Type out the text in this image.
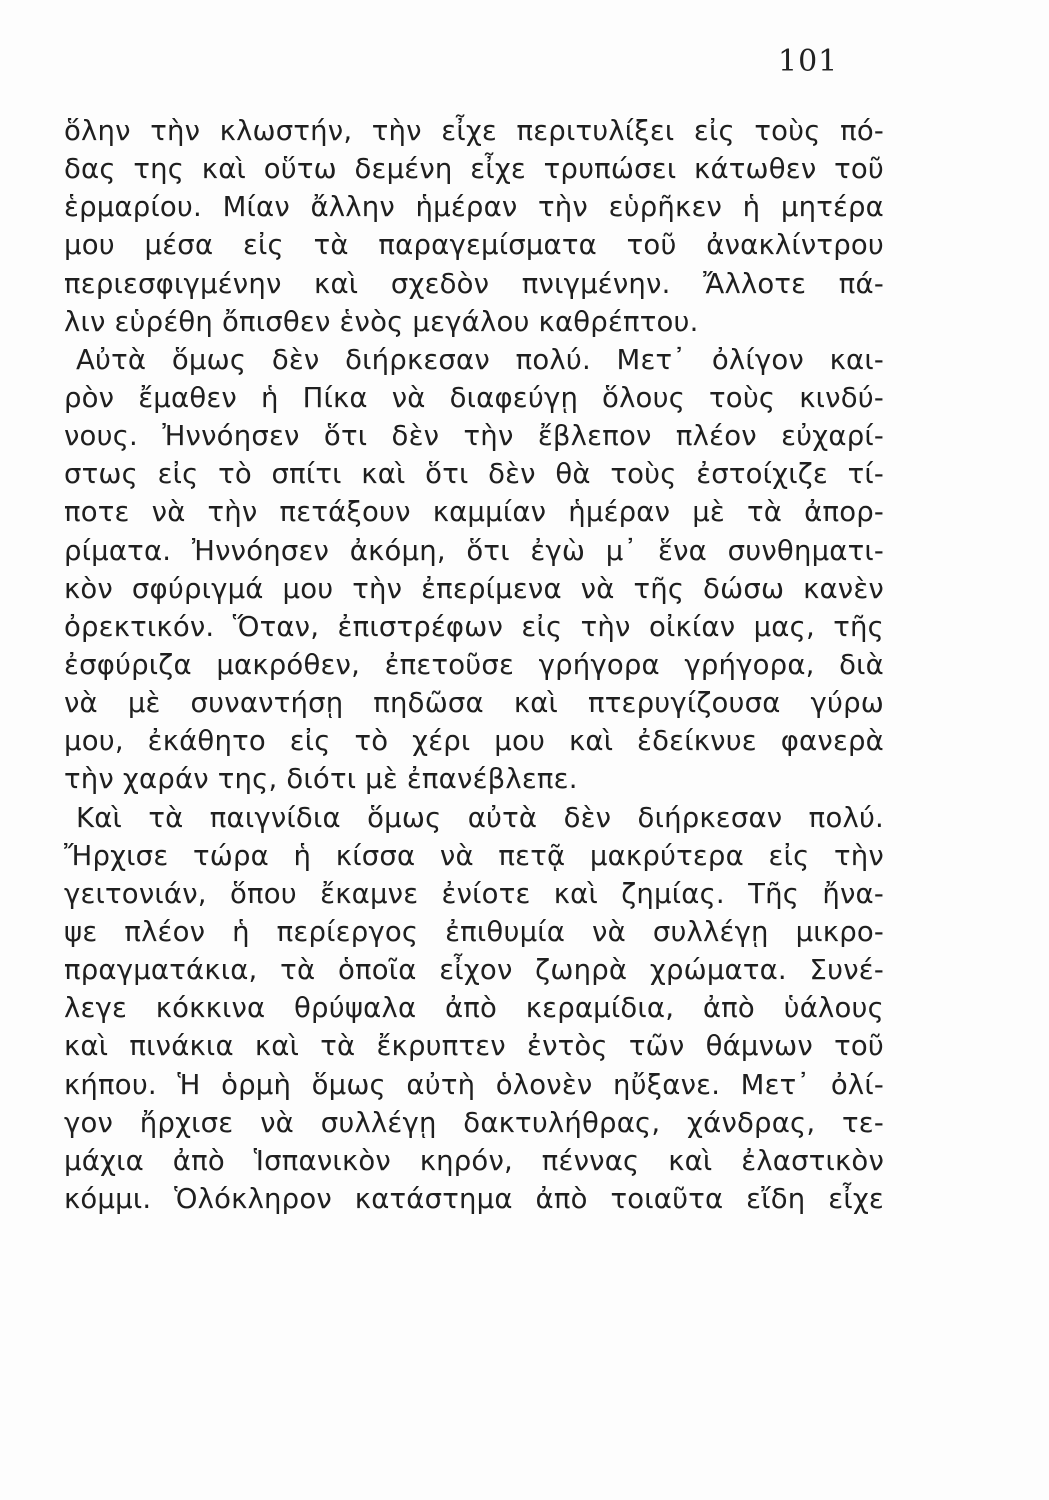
101
ὅλην τὴν κλωστήν, τὴν εἶχε περιτυλίξει εἰς τοὺς πό-
δας της καὶ οὕτω δεμένη εἶχε τρυπώσει κάτωθεν τοῦ
ἑρμαρίου. Μίαν ἄλλην ἡμέραν τὴν εὑρῆκεν ἡ μητέρα
μου μέσα εἰς τὰ παραγεμίσματα τοῦ ἀνακλίντρου
περιεσφιγμένην καὶ σχεδὸν πνιγμένην. Ἄλλοτε πά-
λιν εὑρέθη ὄπισθεν ἑνὸς μεγάλου καθρέπτου.
Αὐτὰ ὅμως δὲν διήρκεσαν πολύ. Μετ᾽ ὀλίγον και-
ρὸν ἔμαθεν ἡ Πίκα νὰ διαφεύγῃ ὅλους τοὺς κινδύ-
νους. Ἠννόησεν ὅτι δὲν τὴν ἔβλεπον πλέον εὐχαρί-
στως εἰς τὸ σπίτι καὶ ὅτι δὲν θὰ τοὺς ἐστοίχιζε τί-
ποτε νὰ τὴν πετάξουν καμμίαν ἡμέραν μὲ τὰ ἀπορ-
ρίματα. Ἠννόησεν ἀκόμη, ὅτι ἐγὼ μ᾽ ἕνα συνθηματι-
κὸν σφύριγμά μου τὴν ἐπερίμενα νὰ τῆς δώσω κανὲν
ὀρεκτικόν. Ὅταν, ἐπιστρέφων εἰς τὴν οἰκίαν μας, τῆς
ἐσφύριζα μακρόθεν, ἐπετοῦσε γρήγορα γρήγορα, διὰ
νὰ μὲ συναντήσῃ πηδῶσα καὶ πτερυγίζουσα γύρω
μου, ἐκάθητο εἰς τὸ χέρι μου καὶ ἐδείκνυε φανερὰ
τὴν χαράν της, διότι μὲ ἐπανέβλεπε.
Καὶ τὰ παιγνίδια ὅμως αὐτὰ δὲν διήρκεσαν πολύ.
Ἤρχισε τώρα ἡ κίσσα νὰ πετᾷ μακρύτερα εἰς τὴν
γειτονιάν, ὅπου ἔκαμνε ἐνίοτε καὶ ζημίας. Τῆς ἤνα-
ψε πλέον ἡ περίεργος ἐπιθυμία νὰ συλλέγῃ μικρο-
πραγματάκια, τὰ ὁποῖα εἶχον ζωηρὰ χρώματα. Συνέ-
λεγε κόκκινα θρύψαλα ἀπὸ κεραμίδια, ἀπὸ ὑάλους
καὶ πινάκια καὶ τὰ ἔκρυπτεν ἐντὸς τῶν θάμνων τοῦ
κήπου. Ἡ ὁρμὴ ὅμως αὐτὴ ὁλονὲν ηὔξανε. Μετ᾽ ὀλί-
γον ἤρχισε νὰ συλλέγῃ δακτυλήθρας, χάνδρας, τε-
μάχια ἀπὸ Ἱσπανικὸν κηρόν, πέννας καὶ ἐλαστικὸν
κόμμι. Ὁλόκληρον κατάστημα ἀπὸ τοιαῦτα εἴδη εἶχε
